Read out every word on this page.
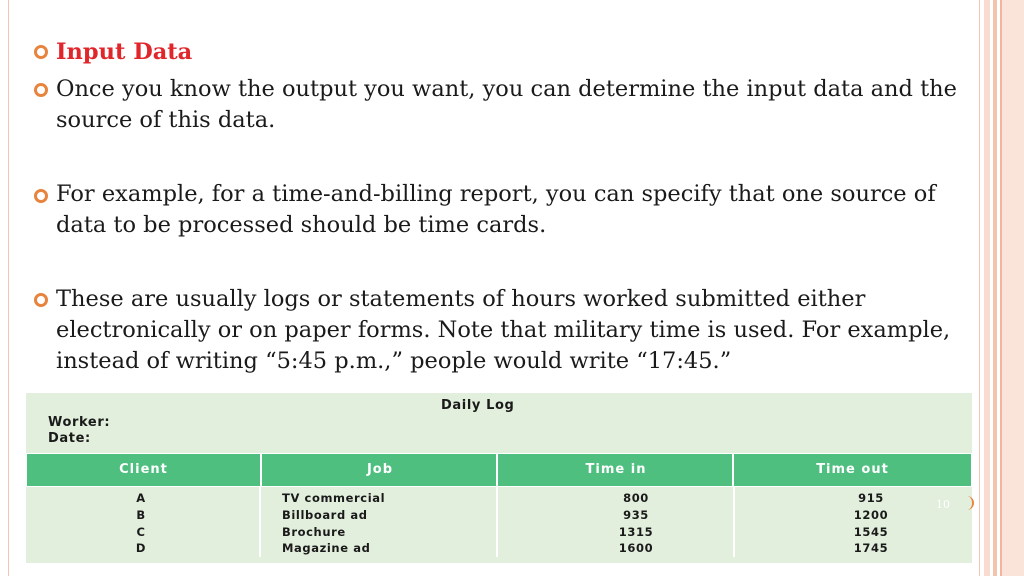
Input Data
Once you know the output you want, you can determine the input data and the source of this data.
For example, for a time-and-billing report, you can specify that one source of data to be processed should be time cards.
These are usually logs or statements of hours worked submitted either electronically or on paper forms. Note that military time is used. For example, instead of writing “5:45 p.m.,” people would write “17:45.”
Daily Log
Worker:
Date:
Client	Job	Time in	Time out
A	TV commercial	800	915
B	Billboard ad	935	1200
C	Brochure	1315	1545
D	Magazine ad	1600	1745
10
